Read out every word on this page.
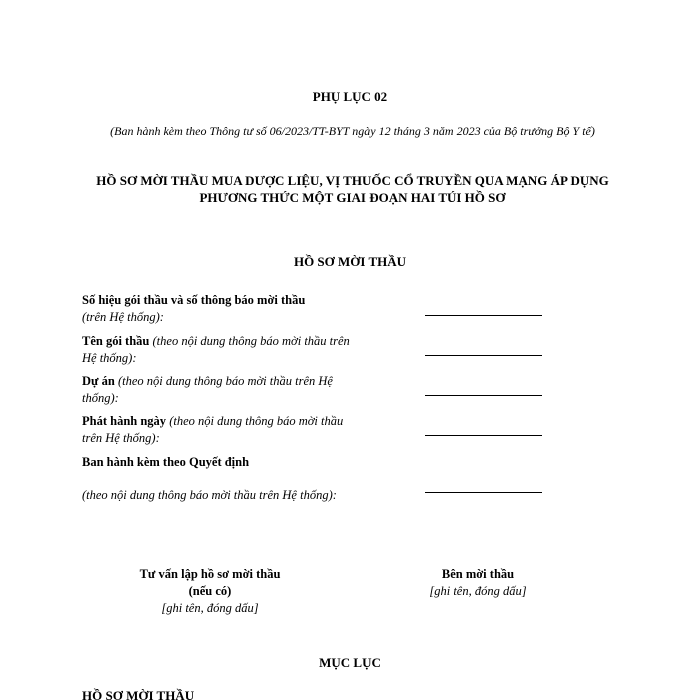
PHỤ LỤC 02
(Ban hành kèm theo Thông tư số 06/2023/TT-BYT ngày 12 tháng 3 năm 2023 của Bộ trưởng Bộ Y tế)
HỒ SƠ MỜI THẦU MUA DƯỢC LIỆU, VỊ THUỐC CỔ TRUYỀN QUA MẠNG ÁP DỤNG PHƯƠNG THỨC MỘT GIAI ĐOẠN HAI TÚI HỒ SƠ
HỒ SƠ MỜI THẦU
Số hiệu gói thầu và số thông báo mời thầu
(trên Hệ thống):
Tên gói thầu (theo nội dung thông báo mời thầu trên Hệ thống):
Dự án (theo nội dung thông báo mời thầu trên Hệ thống):
Phát hành ngày (theo nội dung thông báo mời thầu trên Hệ thống):
Ban hành kèm theo Quyết định
(theo nội dung thông báo mời thầu trên Hệ thống):
Tư vấn lập hồ sơ mời thầu
(nếu có)
[ghi tên, đóng dấu]
Bên mời thầu
[ghi tên, đóng dấu]
MỤC LỤC
HỒ SƠ MỜI THẦU
